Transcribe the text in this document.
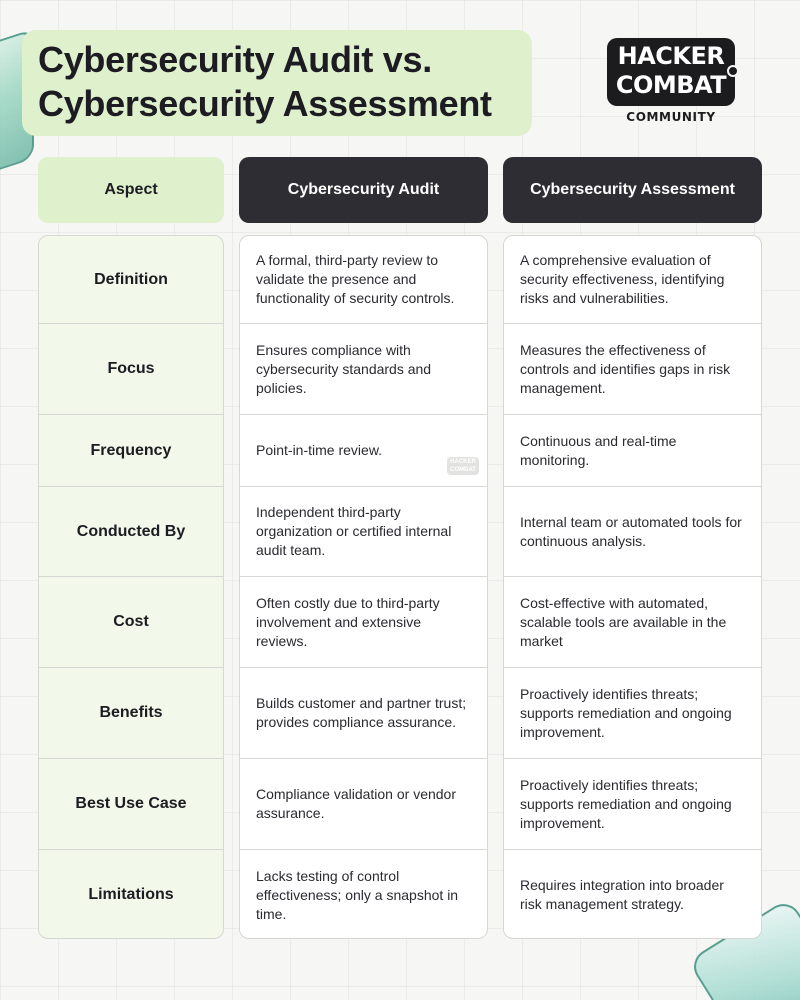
Cybersecurity Audit vs.
Cybersecurity Assessment
HACKER
COMBAT
COMMUNITY
Aspect	Cybersecurity Audit	Cybersecurity Assessment
Definition
Focus
Frequency
Conducted By
Cost
Benefits
Best Use Case
Limitations
A formal, third-party review to validate the presence and functionality of security controls.
Ensures compliance with cybersecurity standards and policies.
Point-in-time review.
Independent third-party organization or certified internal audit team.
Often costly due to third-party involvement and extensive reviews.
Builds customer and partner trust; provides compliance assurance.
Compliance validation or vendor assurance.
Lacks testing of control effectiveness; only a snapshot in time.
A comprehensive evaluation of security effectiveness, identifying risks and vulnerabilities.
Measures the effectiveness of controls and identifies gaps in risk management.
Continuous and real-time monitoring.
Internal team or automated tools for continuous analysis.
Cost-effective with automated, scalable tools are available in the market
Proactively identifies threats; supports remediation and ongoing improvement.
Proactively identifies threats; supports remediation and ongoing improvement.
Requires integration into broader risk management strategy.
HACKER
COMBAT
